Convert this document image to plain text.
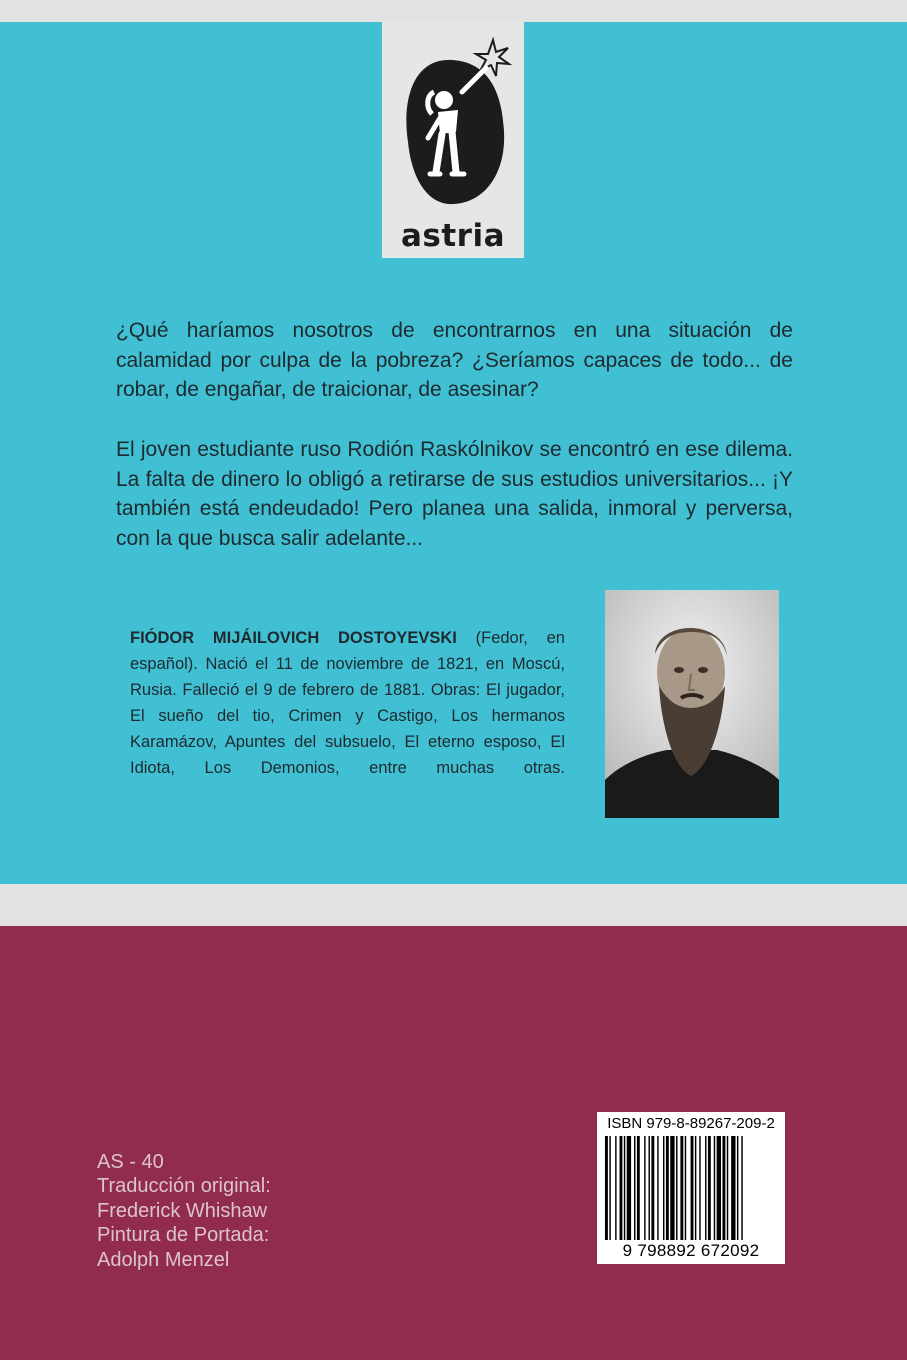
astria

¿Qué haríamos nosotros de encontrarnos en una situación de calamidad por culpa de la pobreza? ¿Seríamos capaces de todo... de robar, de engañar, de traicionar, de asesinar?

El joven estudiante ruso Rodión Raskólnikov se encontró en ese dilema. La falta de dinero lo obligó a retirarse de sus estudios universitarios... ¡Y también está endeudado! Pero planea una salida, inmoral y perversa, con la que busca salir adelante...

FIÓDOR MIJÁILOVICH DOSTOYEVSKI (Fedor, en español). Nació el 11 de noviembre de 1821, en Moscú, Rusia. Falleció el 9 de febrero de 1881. Obras: El jugador, El sueño del tio, Crimen y Castigo, Los hermanos Karamázov, Apuntes del subsuelo, El eterno esposo, El Idiota, Los Demonios, entre muchas otras.

AS - 40
Traducción original:
Frederick Whishaw
Pintura de Portada:
Adolph Menzel
ISBN 979-8-89267-209-2
9 798892 672092
